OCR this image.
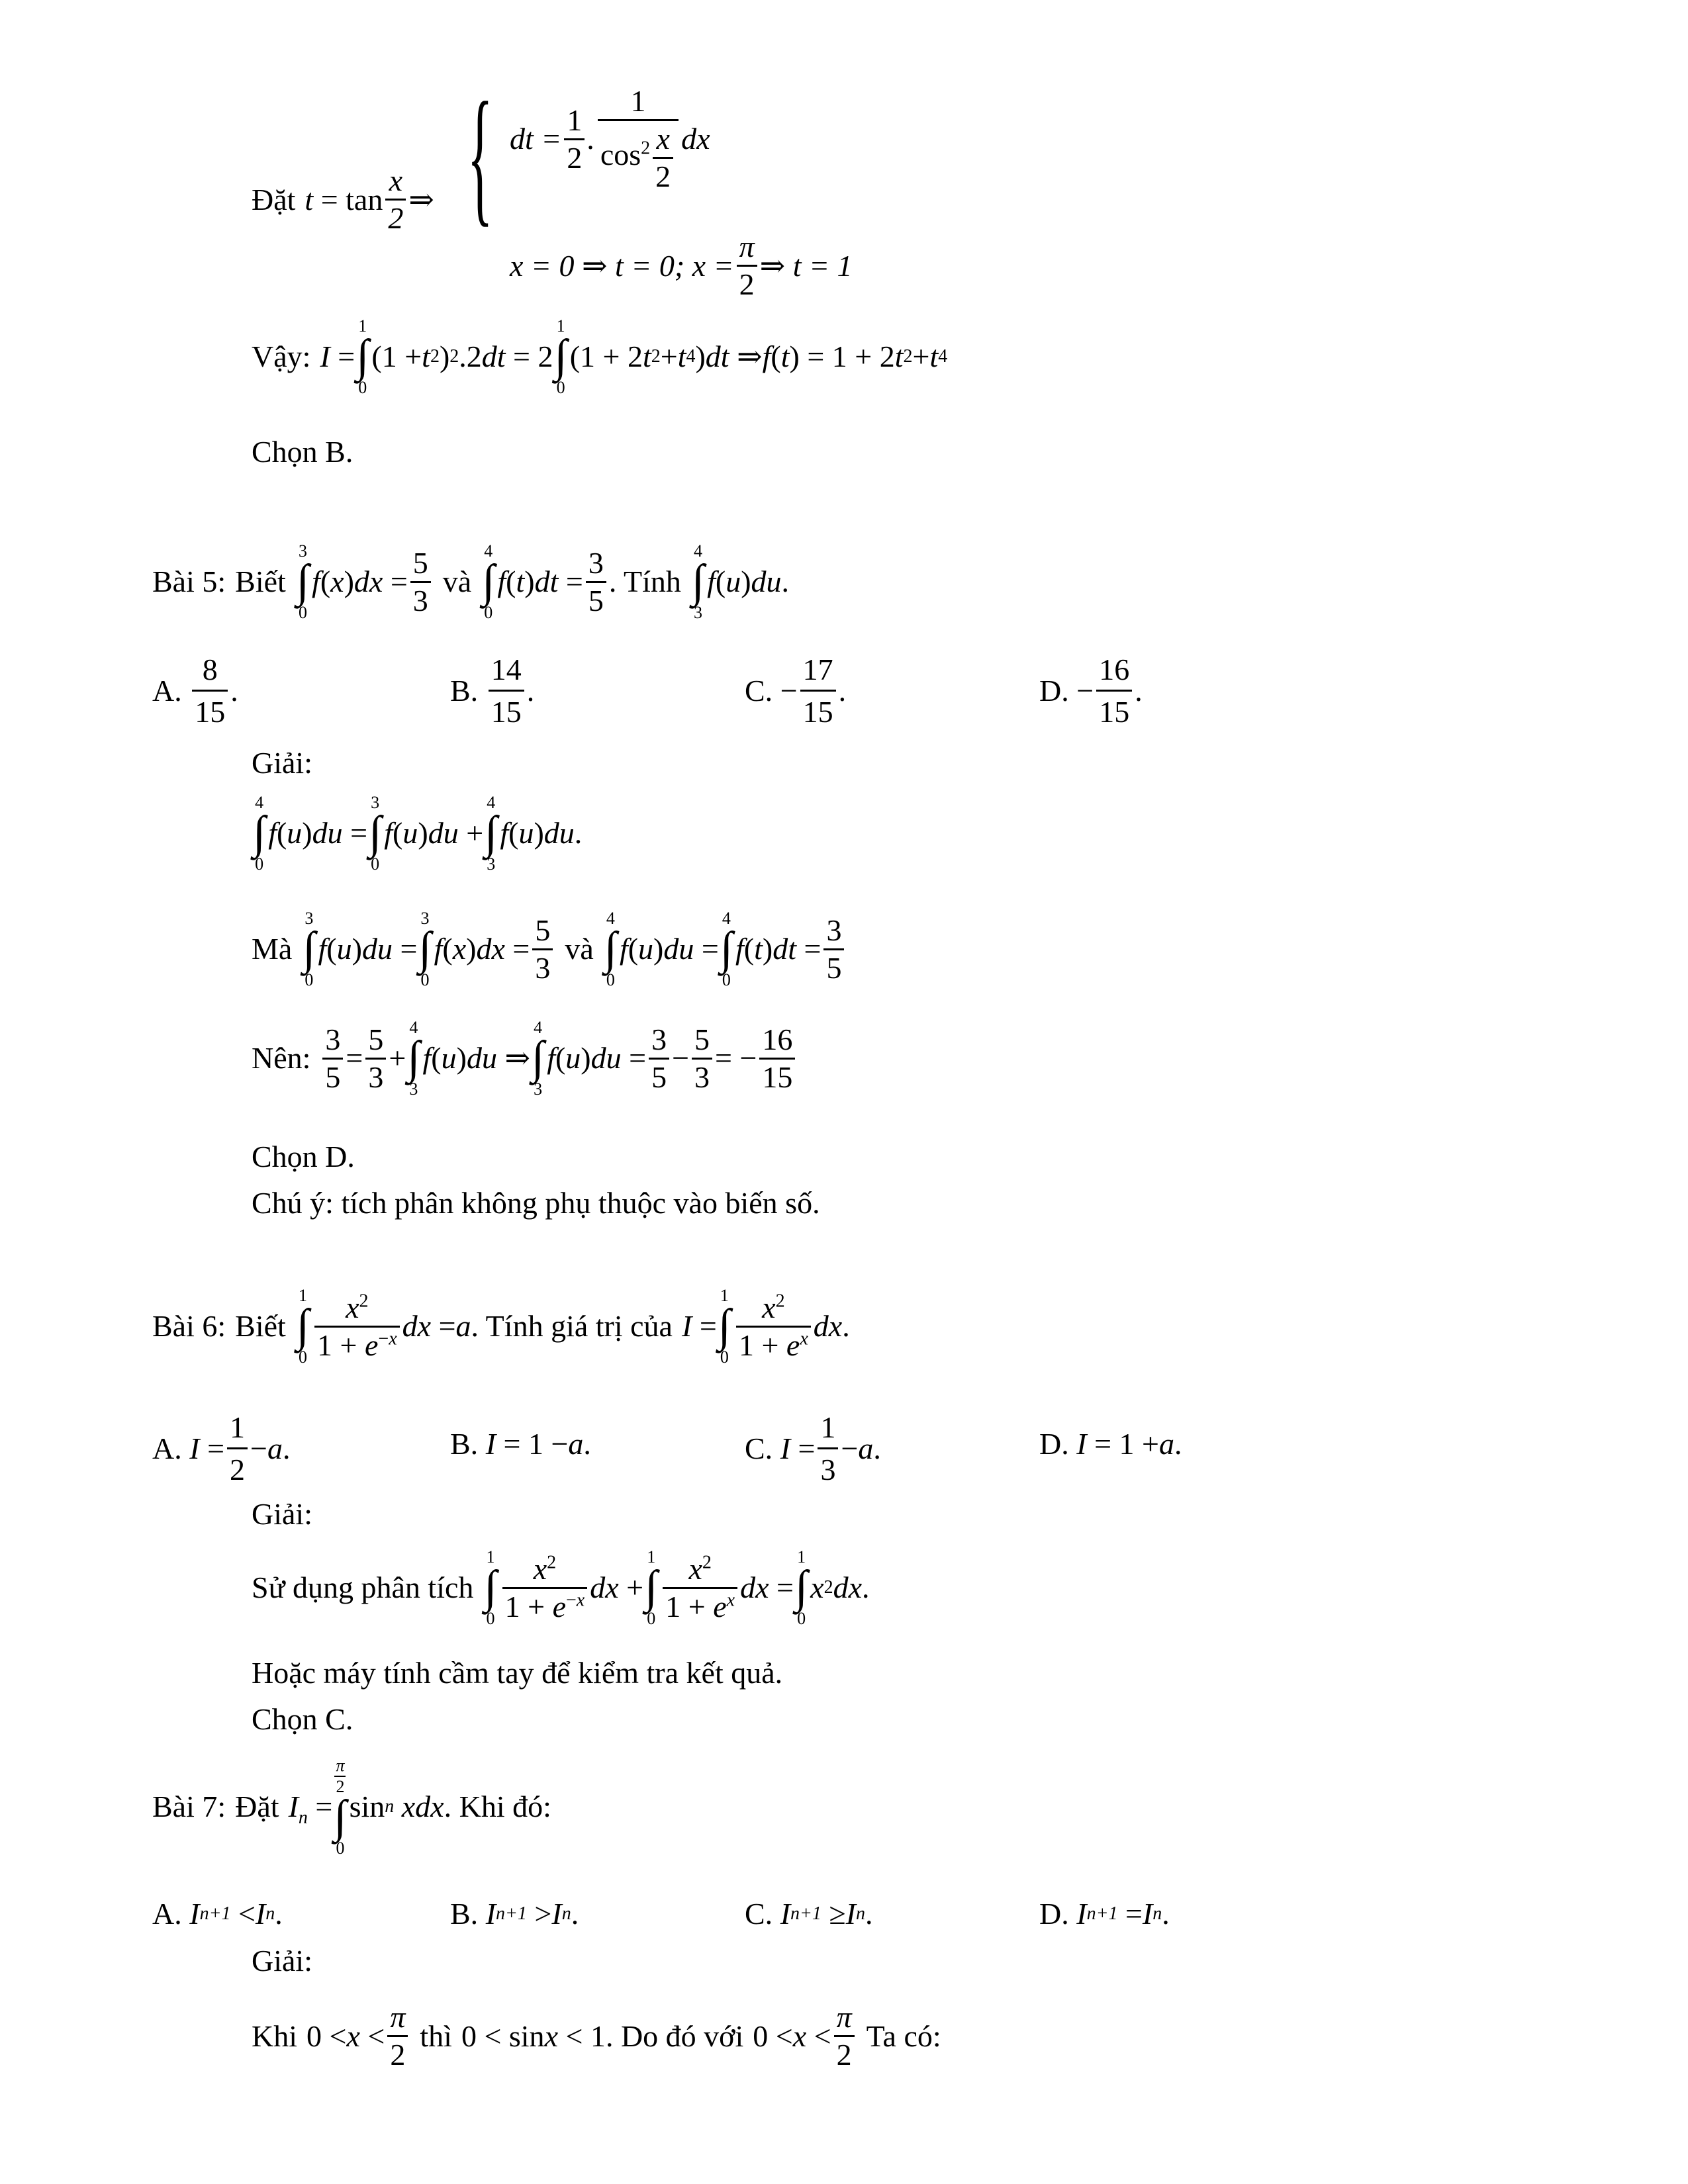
Đặt $t = \tan \frac{x}{2}$ ⇒ { dt = $\frac{1}{2}$ . $\frac{1}{\cos^2 \frac{x}{2}}$ dx
x = 0 ⇒ t = 0; $x = \frac{\pi}{2}$ ⇒ t = 1
Vậy: I =
1
∫
0
(1 + t 2 ) 2 .2 dt = 2
1
∫
0
(1 + 2 t 2 + t 4 ) dt ⇒ f ( t ) = 1 + 2 t 2 + t 4
Chọn B.
Bài 5: Biết
3
∫
0
f ( x ) dx = $\frac{5}{3}$ và
4
∫
0
f ( t ) dt = $\frac{3}{5}$ . Tính
4
∫
3
f ( u ) du .
A.
$\frac{8}{15}$ .	B.
$\frac{14}{15}$ .	C. − $\frac{17}{15}$ .	D. − $\frac{16}{15}$ .
Giải:
4
∫
0
f ( u ) du =
3
∫
0
f ( u ) du +
4
∫
3
f ( u ) du .
Mà
3
∫
0
f ( u ) du =
3
∫
0
f ( x ) dx = $\frac{5}{3}$ và
4
∫
0
f ( u ) du =
4
∫
0
f ( t ) dt = $\frac{3}{5}$
Nên: $\frac{3}{5} = \frac{5}{3}$ +
4
∫
3
f ( u ) du ⇒
4
∫
3
f ( u ) du = $\frac{3}{5} - \frac{5}{3}$ = − $\frac{16}{15}$
Chọn D.
Chú ý: tích phân không phụ thuộc vào biến số.
Bài 6: Biết
1
∫
$0 \frac{x^2}{1 + e^{-x}}$ dx = a . Tính giá trị của I =
1
∫
$0 \frac{x^2}{1 + e^x}$ dx .
A.
$I = \frac{1}{2} - a$ .	B.
I = 1 − a .	C.
$I = \frac{1}{3} - a$ .	D.
I = 1 + a .
Giải:
Sử dụng phân tích
1
∫
$0 \frac{x^2}{1 + e^{-x}}$ dx +
1
∫
$0 \frac{x^2}{1 + e^x}$ dx =
1
∫
0
x 2 dx .
Hoặc máy tính cầm tay để kiểm tra kết quả.
Chọn C.
Bài 7: Đặt $I_n$ =
$\frac{\pi}{2}$
∫
0
sin n
xdx . Khi đó:
A.
I n+1 < I n .	B.
I n+1 > I n .	C.
I n+1 ≥ I n .	D.
I n+1 = I n .
Giải:
Khi $0 < x < \frac{\pi}{2}$ thì 0 < sin x < 1 . Do đó với $0 < x < \frac{\pi}{2}$ Ta có:
